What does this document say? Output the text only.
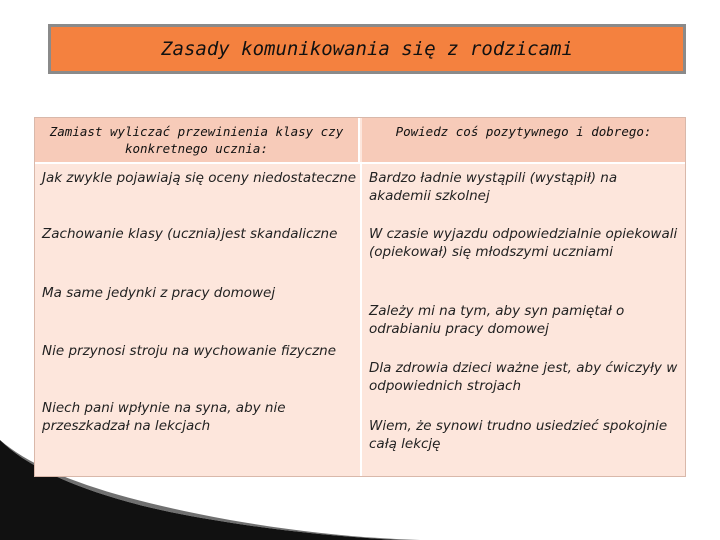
Zasady komunikowania się z rodzicami
Zamiast wyliczać przewinienia klasy czy konkretnego ucznia:
Powiedz coś pozytywnego i dobrego:
Jak zwykle pojawiają się oceny niedostateczne
Zachowanie klasy (ucznia)jest skandaliczne
Ma same jedynki z pracy domowej
Nie przynosi stroju na wychowanie fizyczne
Niech pani wpłynie na syna, aby nie przeszkadzał na lekcjach
Bardzo ładnie wystąpili (wystąpił) na akademii szkolnej
W czasie wyjazdu odpowiedzialnie opiekowali (opiekował) się młodszymi uczniami
Zależy mi na tym, aby syn pamiętał o odrabianiu pracy domowej
Dla zdrowia dzieci ważne jest, aby ćwiczyły w odpowiednich strojach
Wiem, że synowi trudno usiedzieć spokojnie całą lekcję
